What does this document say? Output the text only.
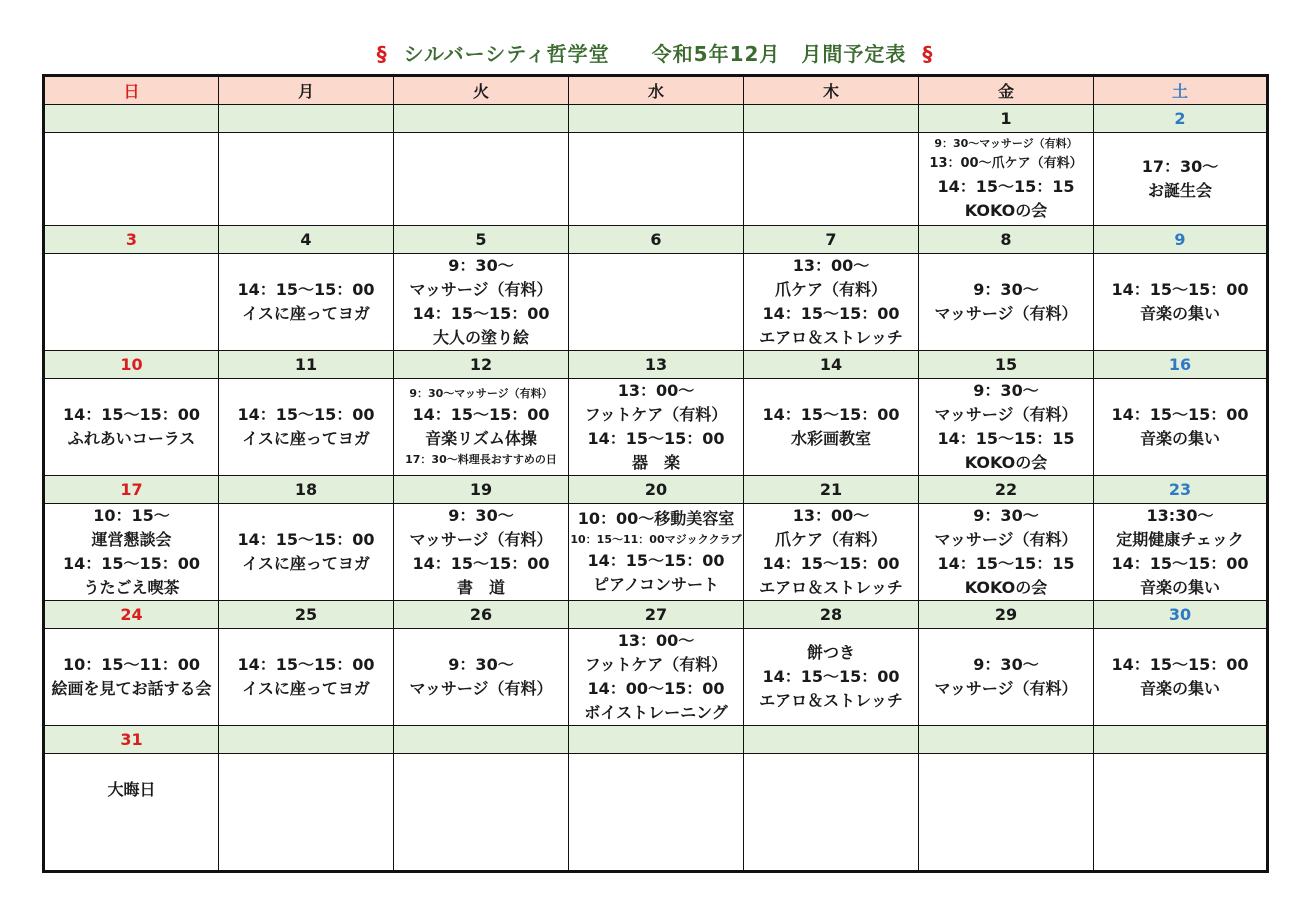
§ シルバーシティ哲学堂　　令和5年12月　月間予定表 §
日	月	火	水	木	金	土
					1	2

					9：30～マッサージ（有料）
13：00～爪ケア（有料）
14：15～15：15
KOKOの会	17：30～
お誕生会

3	4	5	6	7	8	9

	14：15～15：00
イスに座ってヨガ	9：30～
マッサージ（有料）
14：15～15：00
大人の塗り絵		13：00～
爪ケア（有料）
14：15～15：00
エアロ＆ストレッチ	9：30～
マッサージ（有料）	14：15～15：00
音楽の集い

10	11	12	13	14	15	16

14：15～15：00
ふれあいコーラス	14：15～15：00
イスに座ってヨガ	9：30～マッサージ（有料）
14：15～15：00
音楽リズム体操
17：30～料理長おすすめの日	13：00～
フットケア（有料）
14：15～15：00
器　楽	14：15～15：00
水彩画教室	9：30～
マッサージ（有料）
14：15～15：15
KOKOの会	14：15～15：00
音楽の集い

17	18	19	20	21	22	23

10：15～
運営懇談会
14：15～15：00
うたごえ喫茶	14：15～15：00
イスに座ってヨガ	9：30～
マッサージ（有料）
14：15～15：00
書　道	10：00～移動美容室
10：15～11：00マジッククラブ
14：15～15：00
ピアノコンサート	13：00～
爪ケア（有料）
14：15～15：00
エアロ＆ストレッチ	9：30～
マッサージ（有料）
14：15～15：15
KOKOの会	13:30～
定期健康チェック
14：15～15：00
音楽の集い

24	25	26	27	28	29	30

10：15～11：00
絵画を見てお話する会	14：15～15：00
イスに座ってヨガ	9：30～
マッサージ（有料）	13：00～
フットケア（有料）
14：00～15：00
ボイストレーニング	餅つき
14：15～15：00
エアロ＆ストレッチ	9：30～
マッサージ（有料）	14：15～15：00
音楽の集い

31						

大晦日						
